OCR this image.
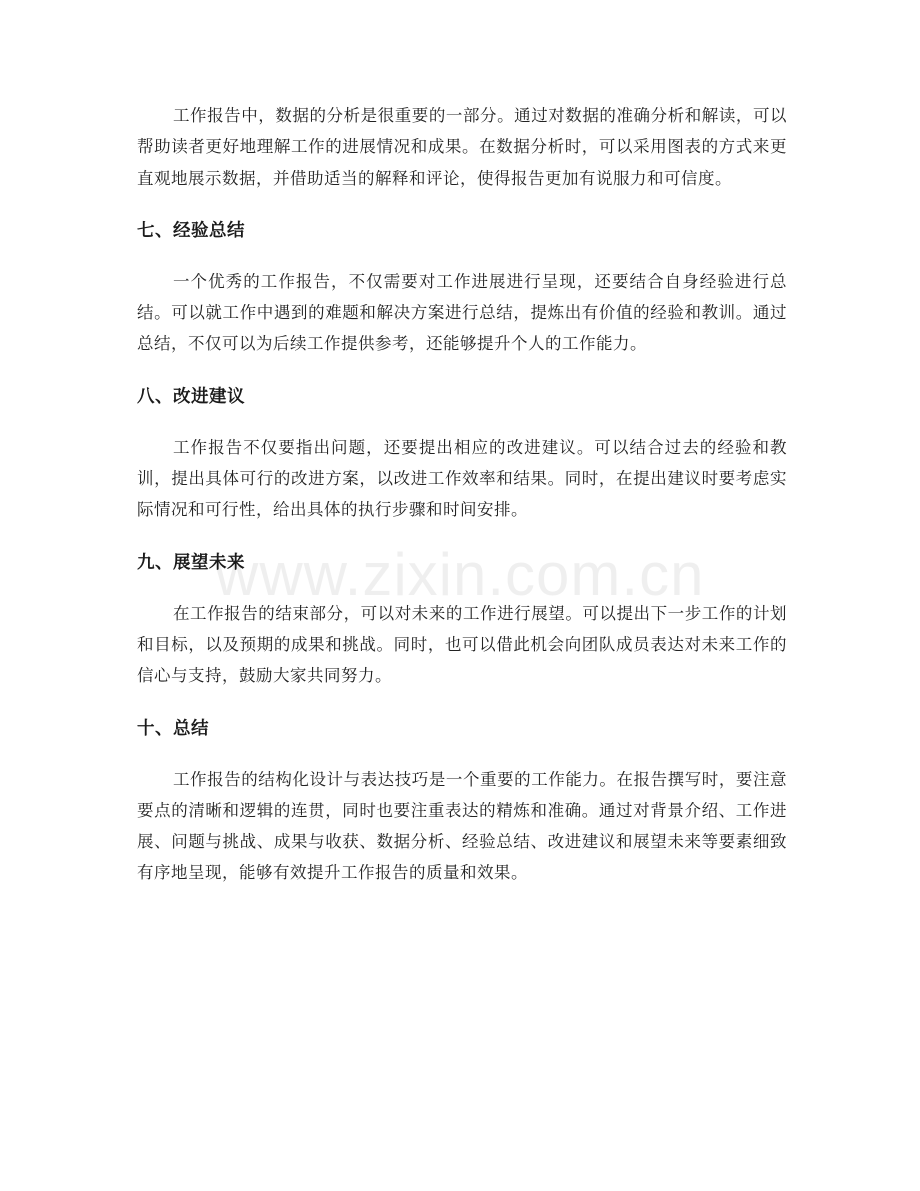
工作报告中，数据的分析是很重要的一部分。通过对数据的准确分析和解读，可以帮助读者更好地理解工作的进展情况和成果。在数据分析时，可以采用图表的方式来更直观地展示数据，并借助适当的解释和评论，使得报告更加有说服力和可信度。

七、经验总结

一个优秀的工作报告，不仅需要对工作进展进行呈现，还要结合自身经验进行总结。可以就工作中遇到的难题和解决方案进行总结，提炼出有价值的经验和教训。通过总结，不仅可以为后续工作提供参考，还能够提升个人的工作能力。

八、改进建议

工作报告不仅要指出问题，还要提出相应的改进建议。可以结合过去的经验和教训，提出具体可行的改进方案，以改进工作效率和结果。同时，在提出建议时要考虑实际情况和可行性，给出具体的执行步骤和时间安排。

九、展望未来

在工作报告的结束部分，可以对未来的工作进行展望。可以提出下一步工作的计划和目标，以及预期的成果和挑战。同时，也可以借此机会向团队成员表达对未来工作的信心与支持，鼓励大家共同努力。

十、总结

工作报告的结构化设计与表达技巧是一个重要的工作能力。在报告撰写时，要注意要点的清晰和逻辑的连贯，同时也要注重表达的精炼和准确。通过对背景介绍、工作进展、问题与挑战、成果与收获、数据分析、经验总结、改进建议和展望未来等要素细致有序地呈现，能够有效提升工作报告的质量和效果。

www.zixin.com.cn
